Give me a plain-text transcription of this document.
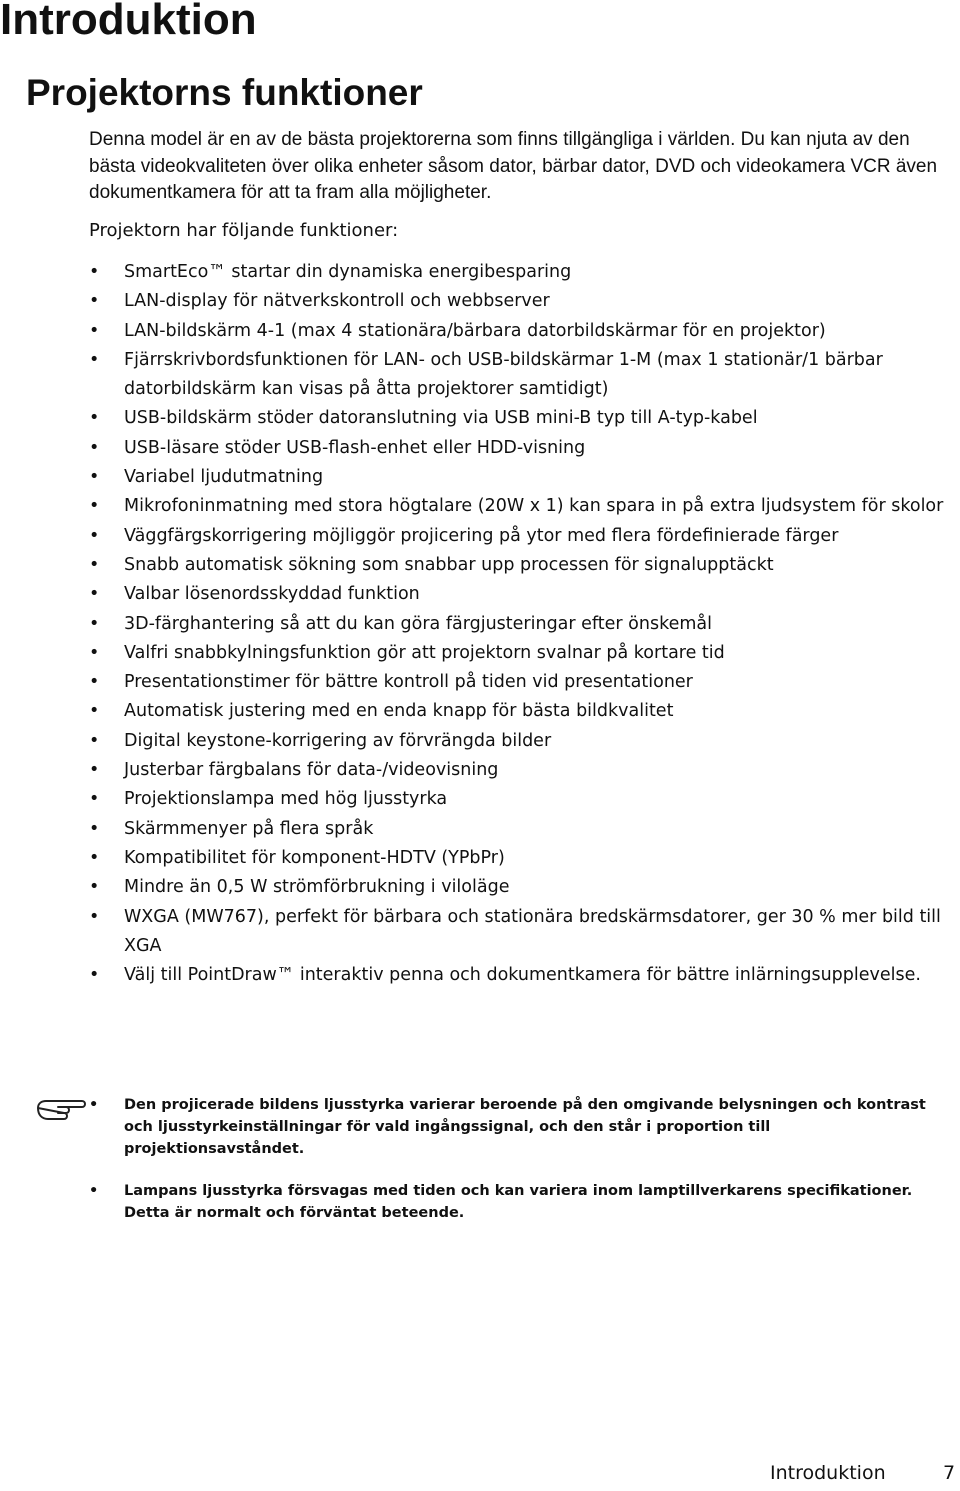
Introduktion
Projektorns funktioner

Denna model är en av de bästa projektorerna som finns tillgängliga i världen. Du kan njuta av den bästa videokvaliteten över olika enheter såsom dator, bärbar dator, DVD och videokamera VCR även dokumentkamera för att ta fram alla möjligheter.

Projektorn har följande funktioner:

• SmartEco™ startar din dynamiska energibesparing
• LAN-display för nätverkskontroll och webbserver
• LAN-bildskärm 4-1 (max 4 stationära/bärbara datorbildskärmar för en projektor)
• Fjärrskrivbordsfunktionen för LAN- och USB-bildskärmar 1-M (max 1 stationär/1 bärbar datorbildskärm kan visas på åtta projektorer samtidigt)
• USB-bildskärm stöder datoranslutning via USB mini-B typ till A-typ-kabel
• USB-läsare stöder USB-flash-enhet eller HDD-visning
• Variabel ljudutmatning
• Mikrofoninmatning med stora högtalare (20W x 1) kan spara in på extra ljudsystem för skolor
• Väggfärgskorrigering möjliggör projicering på ytor med flera fördefinierade färger
• Snabb automatisk sökning som snabbar upp processen för signalupptäckt
• Valbar lösenordsskyddad funktion
• 3D-färghantering så att du kan göra färgjusteringar efter önskemål
• Valfri snabbkylningsfunktion gör att projektorn svalnar på kortare tid
• Presentationstimer för bättre kontroll på tiden vid presentationer
• Automatisk justering med en enda knapp för bästa bildkvalitet
• Digital keystone-korrigering av förvrängda bilder
• Justerbar färgbalans för data-/videovisning
• Projektionslampa med hög ljusstyrka
• Skärmmenyer på flera språk
• Kompatibilitet för komponent-HDTV (YPbPr)
• Mindre än 0,5 W strömförbrukning i viloläge
• WXGA (MW767), perfekt för bärbara och stationära bredskärmsdatorer, ger 30 % mer bild till XGA
• Välj till PointDraw™ interaktiv penna och dokumentkamera för bättre inlärningsupplevelse.
• Den projicerade bildens ljusstyrka varierar beroende på den omgivande belysningen och kontrast och ljusstyrkeinställningar för vald ingångssignal, och den står i proportion till projektionsavståndet.
• Lampans ljusstyrka försvagas med tiden och kan variera inom lamptillverkarens specifikationer. Detta är normalt och förväntat beteende.
Introduktion	7
